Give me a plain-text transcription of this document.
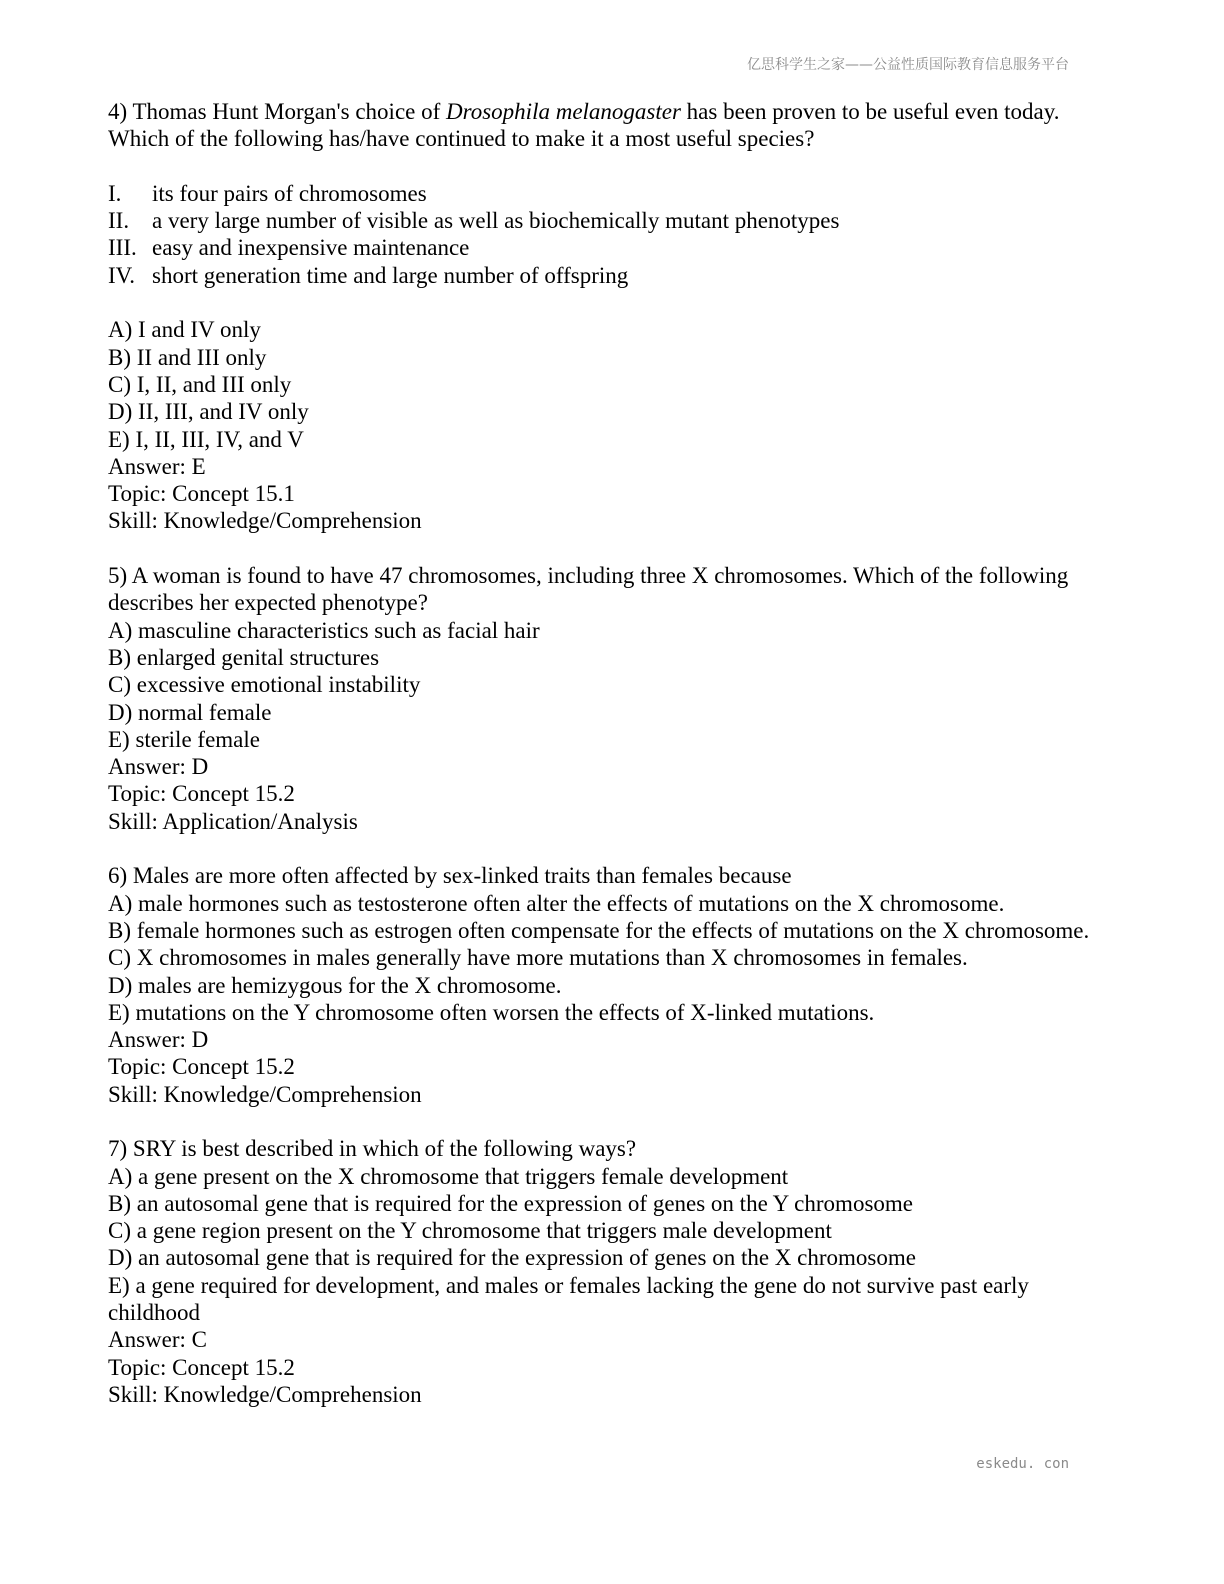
亿思科学生之家——公益性质国际教育信息服务平台
4) Thomas Hunt Morgan's choice of Drosophila melanogaster has been proven to be useful even today. Which of the following has/have continued to make it a most useful species?
I.	its four pairs of chromosomes
II. a very large number of visible as well as biochemically mutant phenotypes
III. easy and inexpensive maintenance
IV. short generation time and large number of offspring
A) I and IV only
B) II and III only
C) I, II, and III only
D) II, III, and IV only
E) I, II, III, IV, and V
Answer: E
Topic: Concept 15.1
Skill: Knowledge/Comprehension
5) A woman is found to have 47 chromosomes, including three X chromosomes. Which of the following describes her expected phenotype?
A) masculine characteristics such as facial hair
B) enlarged genital structures
C) excessive emotional instability
D) normal female
E) sterile female
Answer: D
Topic: Concept 15.2
Skill: Application/Analysis
6) Males are more often affected by sex-linked traits than females because
A) male hormones such as testosterone often alter the effects of mutations on the X chromosome.
B) female hormones such as estrogen often compensate for the effects of mutations on the X chromosome.
C) X chromosomes in males generally have more mutations than X chromosomes in females.
D) males are hemizygous for the X chromosome.
E) mutations on the Y chromosome often worsen the effects of X-linked mutations.
Answer: D
Topic: Concept 15.2
Skill: Knowledge/Comprehension
7) SRY is best described in which of the following ways?
A) a gene present on the X chromosome that triggers female development
B) an autosomal gene that is required for the expression of genes on the Y chromosome
C) a gene region present on the Y chromosome that triggers male development
D) an autosomal gene that is required for the expression of genes on the X chromosome
E) a gene required for development, and males or females lacking the gene do not survive past early childhood
Answer: C
Topic: Concept 15.2
Skill: Knowledge/Comprehension
eskedu. con
